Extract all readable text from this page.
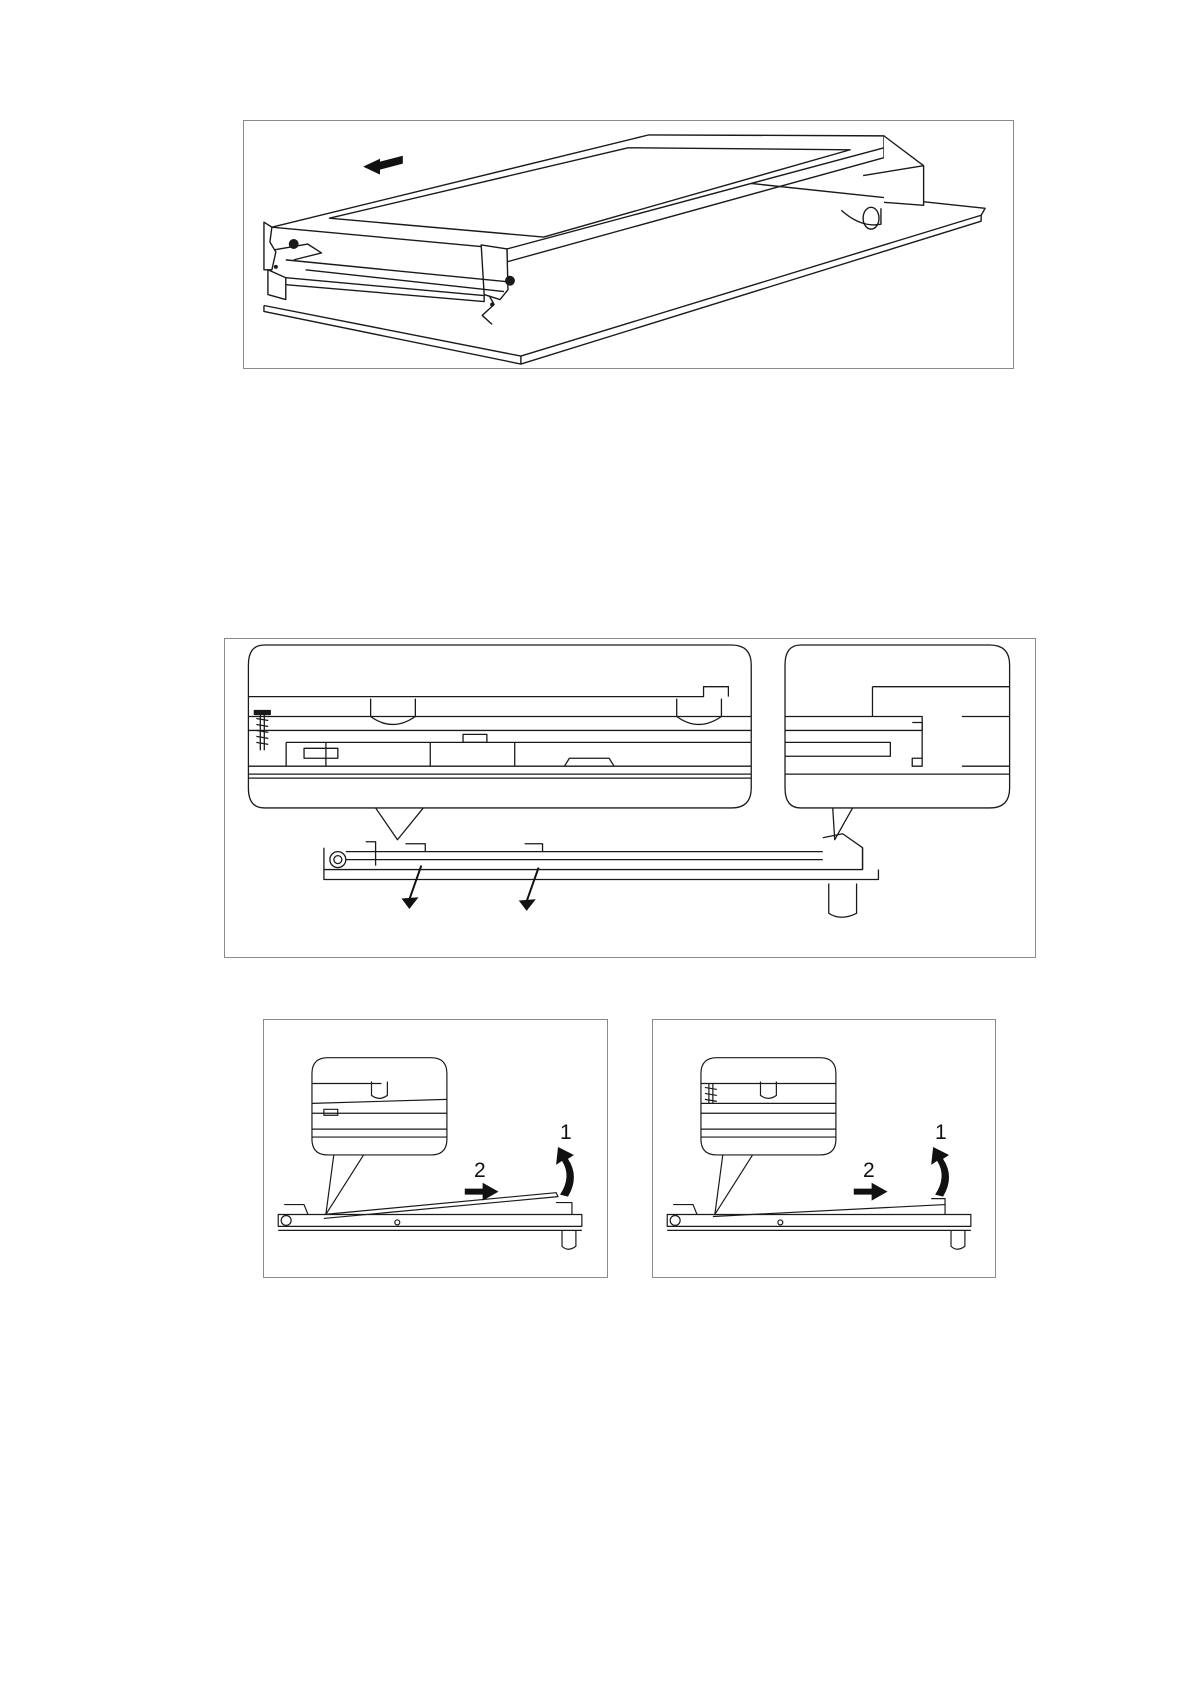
1
2
1
2
